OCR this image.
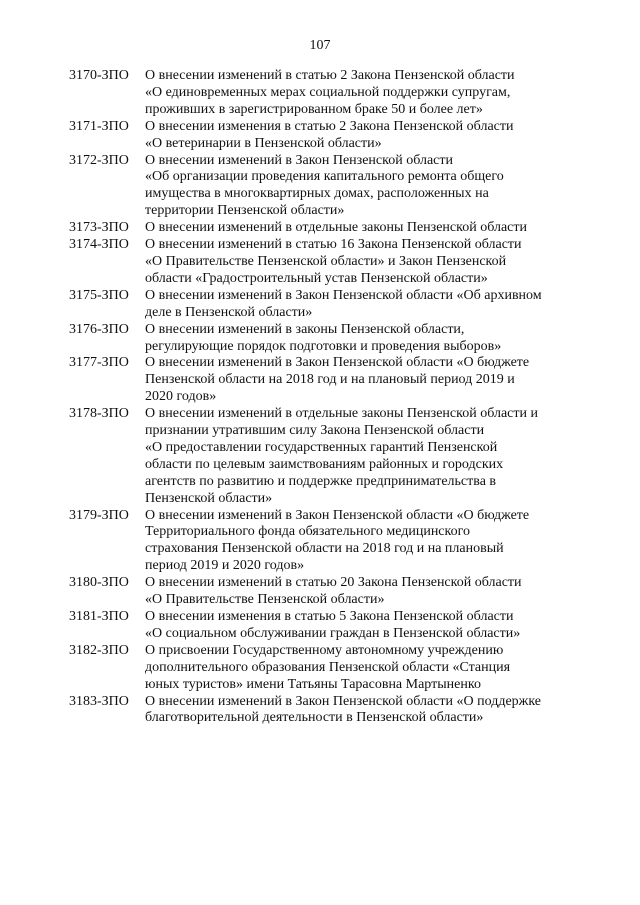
107
3170-ЗПО	О внесении изменений в статью 2 Закона Пензенской области
«О единовременных мерах социальной поддержки супругам,
проживших в зарегистрированном браке 50 и более лет»
3171-ЗПО	О внесении изменения в статью 2 Закона Пензенской области
«О ветеринарии в Пензенской области»
3172-ЗПО	О внесении изменений в Закон Пензенской области
«Об организации проведения капитального ремонта общего
имущества в многоквартирных домах, расположенных на
территории Пензенской области»
3173-ЗПО	О внесении изменений в отдельные законы Пензенской области
3174-ЗПО	О внесении изменений в статью 16 Закона Пензенской области
«О Правительстве Пензенской области» и Закон Пензенской
области «Градостроительный устав Пензенской области»
3175-ЗПО	О внесении изменений в Закон Пензенской области «Об архивном
деле в Пензенской области»
3176-ЗПО	О внесении изменений в законы Пензенской области,
регулирующие порядок подготовки и проведения выборов»
3177-ЗПО	О внесении изменений в Закон Пензенской области «О бюджете
Пензенской области на 2018 год и на плановый период 2019 и
2020 годов»
3178-ЗПО	О внесении изменений в отдельные законы Пензенской области и
признании утратившим силу Закона Пензенской области
«О предоставлении государственных гарантий Пензенской
области по целевым заимствованиям районных и городских
агентств по развитию и поддержке предпринимательства в
Пензенской области»
3179-ЗПО	О внесении изменений в Закон Пензенской области «О бюджете
Территориального фонда обязательного медицинского
страхования Пензенской области на 2018 год и на плановый
период 2019 и 2020 годов»
3180-ЗПО	О внесении изменений в статью 20 Закона Пензенской области
«О Правительстве Пензенской области»
3181-ЗПО	О внесении изменения в статью 5 Закона Пензенской области
«О социальном обслуживании граждан в Пензенской области»
3182-ЗПО	О присвоении Государственному автономному учреждению
дополнительного образования Пензенской области «Станция
юных туристов» имени Татьяны Тарасовна Мартыненко
3183-ЗПО	О внесении изменений в Закон Пензенской области «О поддержке
благотворительной деятельности в Пензенской области»
